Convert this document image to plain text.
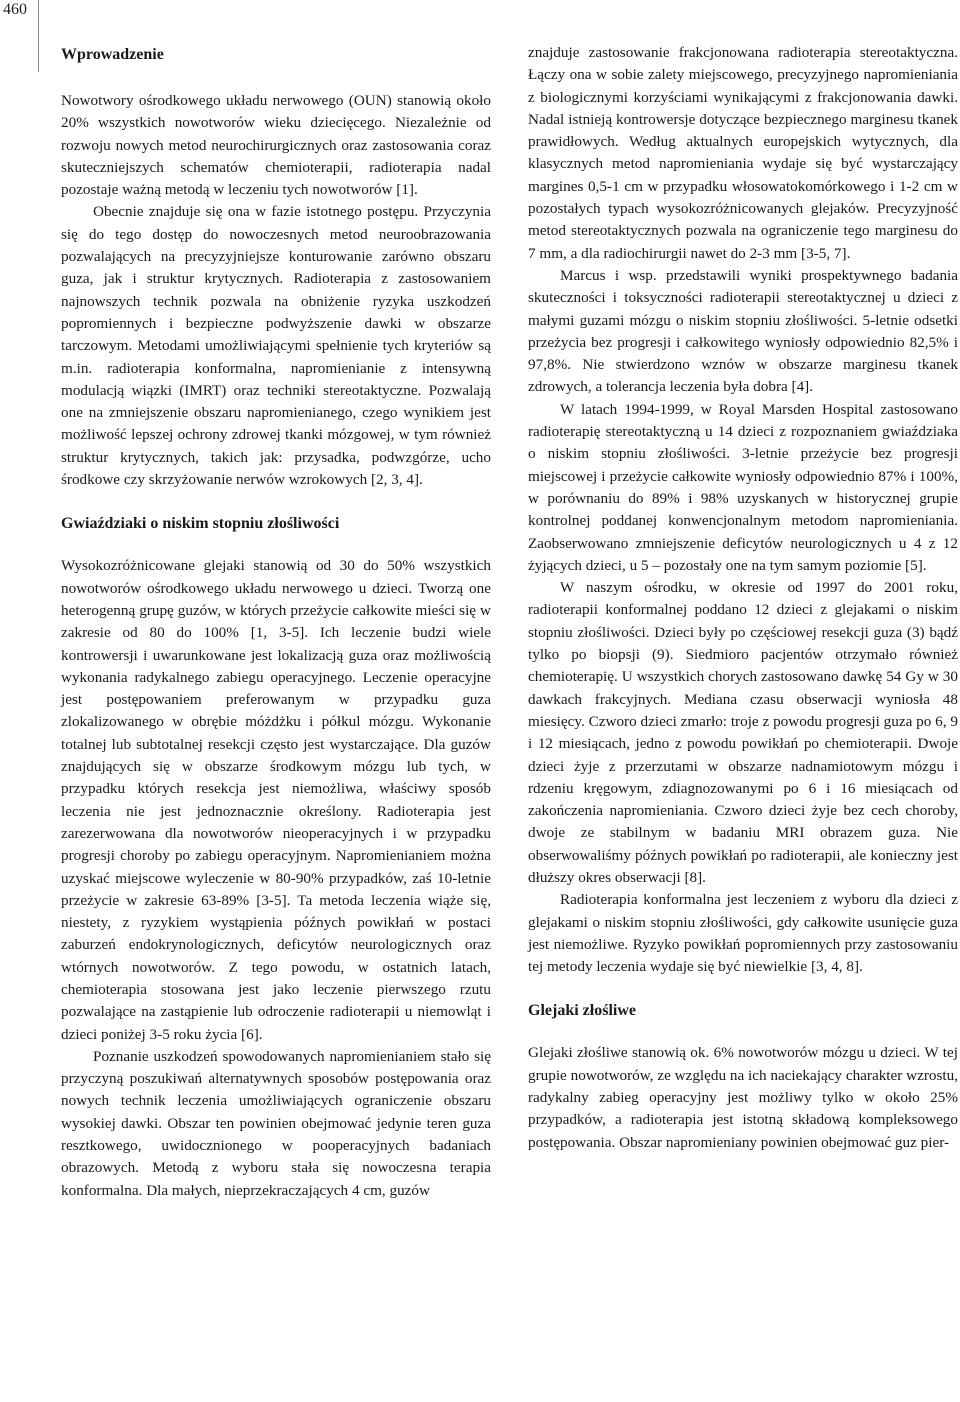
460
Wprowadzenie

Nowotwory ośrodkowego układu nerwowego (OUN) stanowią około 20% wszystkich nowotworów wieku dziecięcego. Niezależnie od rozwoju nowych metod neurochirurgicznych oraz zastosowania coraz skuteczniejszych schematów chemioterapii, radioterapia nadal pozostaje ważną metodą w leczeniu tych nowotworów [1].

Obecnie znajduje się ona w fazie istotnego postępu. Przyczynia się do tego dostęp do nowoczesnych metod neuroobrazowania pozwalających na precyzyjniejsze konturowanie zarówno obszaru guza, jak i struktur krytycznych. Radioterapia z zastosowaniem najnowszych technik pozwala na obniżenie ryzyka uszkodzeń popromiennych i bezpieczne podwyższenie dawki w obszarze tarczowym. Metodami umożliwiającymi spełnienie tych kryteriów są m.in. radioterapia konformalna, napromienianie z intensywną modulacją wiązki (IMRT) oraz techniki stereotaktyczne. Pozwalają one na zmniejszenie obszaru napromienianego, czego wynikiem jest możliwość lepszej ochrony zdrowej tkanki mózgowej, w tym również struktur krytycznych, takich jak: przysadka, podwzgórze, ucho środkowe czy skrzyżowanie nerwów wzrokowych [2, 3, 4].

Gwiaździaki o niskim stopniu złośliwości

Wysokozróżnicowane glejaki stanowią od 30 do 50% wszystkich nowotworów ośrodkowego układu nerwowego u dzieci. Tworzą one heterogenną grupę guzów, w których przeżycie całkowite mieści się w zakresie od 80 do 100% [1, 3-5]. Ich leczenie budzi wiele kontrowersji i uwarunkowane jest lokalizacją guza oraz możliwością wykonania radykalnego zabiegu operacyjnego. Leczenie operacyjne jest postępowaniem preferowanym w przypadku guza zlokalizowanego w obrębie móżdżku i półkul mózgu. Wykonanie totalnej lub subtotalnej resekcji często jest wystarczające. Dla guzów znajdujących się w obszarze środkowym mózgu lub tych, w przypadku których resekcja jest niemożliwa, właściwy sposób leczenia nie jest jednoznacznie określony. Radioterapia jest zarezerwowana dla nowotworów nieoperacyjnych i w przypadku progresji choroby po zabiegu operacyjnym. Napromienianiem można uzyskać miejscowe wyleczenie w 80-90% przypadków, zaś 10-letnie przeżycie w zakresie 63-89% [3-5]. Ta metoda leczenia wiąże się, niestety, z ryzykiem wystąpienia późnych powikłań w postaci zaburzeń endokrynologicznych, deficytów neurologicznych oraz wtórnych nowotworów. Z tego powodu, w ostatnich latach, chemioterapia stosowana jest jako leczenie pierwszego rzutu pozwalające na zastąpienie lub odroczenie radioterapii u niemowląt i dzieci poniżej 3-5 roku życia [6].

Poznanie uszkodzeń spowodowanych napromienianiem stało się przyczyną poszukiwań alternatywnych sposobów postępowania oraz nowych technik leczenia umożliwiających ograniczenie obszaru wysokiej dawki. Obszar ten powinien obejmować jedynie teren guza resztkowego, uwidocznionego w pooperacyjnych badaniach obrazowych. Metodą z wyboru stała się nowoczesna terapia konformalna. Dla małych, nieprzekraczających 4 cm, guzów

znajduje zastosowanie frakcjonowana radioterapia stereotaktyczna. Łączy ona w sobie zalety miejscowego, precyzyjnego napromieniania z biologicznymi korzyściami wynikającymi z frakcjonowania dawki. Nadal istnieją kontrowersje dotyczące bezpiecznego marginesu tkanek prawidłowych. Według aktualnych europejskich wytycznych, dla klasycznych metod napromieniania wydaje się być wystarczający margines 0,5-1 cm w przypadku włosowatokomórkowego i 1-2 cm w pozostałych typach wysokozróżnicowanych glejaków. Precyzyjność metod stereotaktycznych pozwala na ograniczenie tego marginesu do 7 mm, a dla radiochirurgii nawet do 2-3 mm [3-5, 7].

Marcus i wsp. przedstawili wyniki prospektywnego badania skuteczności i toksyczności radioterapii stereotaktycznej u dzieci z małymi guzami mózgu o niskim stopniu złośliwości. 5-letnie odsetki przeżycia bez progresji i całkowitego wyniosły odpowiednio 82,5% i 97,8%. Nie stwierdzono wznów w obszarze marginesu tkanek zdrowych, a tolerancja leczenia była dobra [4].

W latach 1994-1999, w Royal Marsden Hospital zastosowano radioterapię stereotaktyczną u 14 dzieci z rozpoznaniem gwiaździaka o niskim stopniu złośliwości. 3-letnie przeżycie bez progresji miejscowej i przeżycie całkowite wyniosły odpowiednio 87% i 100%, w porównaniu do 89% i 98% uzyskanych w historycznej grupie kontrolnej poddanej konwencjonalnym metodom napromieniania. Zaobserwowano zmniejszenie deficytów neurologicznych u 4 z 12 żyjących dzieci, u 5 – pozostały one na tym samym poziomie [5].

W naszym ośrodku, w okresie od 1997 do 2001 roku, radioterapii konformalnej poddano 12 dzieci z glejakami o niskim stopniu złośliwości. Dzieci były po częściowej resekcji guza (3) bądź tylko po biopsji (9). Siedmioro pacjentów otrzymało również chemioterapię. U wszystkich chorych zastosowano dawkę 54 Gy w 30 dawkach frakcyjnych. Mediana czasu obserwacji wyniosła 48 miesięcy. Czworo dzieci zmarło: troje z powodu progresji guza po 6, 9 i 12 miesiącach, jedno z powodu powikłań po chemioterapii. Dwoje dzieci żyje z przerzutami w obszarze nadnamiotowym mózgu i rdzeniu kręgowym, zdiagnozowanymi po 6 i 16 miesiącach od zakończenia napromieniania. Czworo dzieci żyje bez cech choroby, dwoje ze stabilnym w badaniu MRI obrazem guza. Nie obserwowaliśmy późnych powikłań po radioterapii, ale konieczny jest dłuższy okres obserwacji [8].

Radioterapia konformalna jest leczeniem z wyboru dla dzieci z glejakami o niskim stopniu złośliwości, gdy całkowite usunięcie guza jest niemożliwe. Ryzyko powikłań popromiennych przy zastosowaniu tej metody leczenia wydaje się być niewielkie [3, 4, 8].

Glejaki złośliwe

Glejaki złośliwe stanowią ok. 6% nowotworów mózgu u dzieci. W tej grupie nowotworów, ze względu na ich naciekający charakter wzrostu, radykalny zabieg operacyjny jest możliwy tylko w około 25% przypadków, a radioterapia jest istotną składową kompleksowego postępowania. Obszar napromieniany powinien obejmować guz pier-
